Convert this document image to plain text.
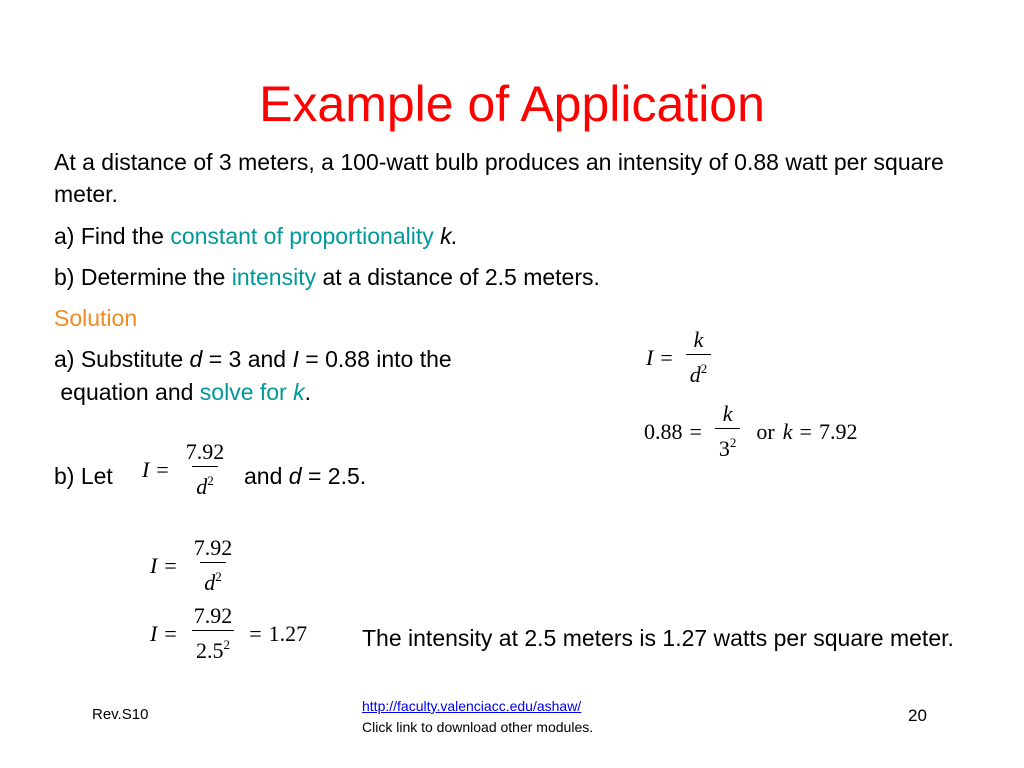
Example of Application
At a distance of 3 meters, a 100-watt bulb produces an intensity of 0.88 watt per square meter.
a) Find the constant of proportionality k.
b) Determine the intensity at a distance of 2.5 meters.
Solution
a) Substitute d = 3 and I = 0.88 into the
equation and solve for k.
b) Let	and d = 2.5.
$I = \frac{k}{d^2}$
$0.88 = \frac{k}{3^2}$ or k = 7.92
$I = \frac{7.92}{d^2}$
$I = \frac{7.92}{d^2}$
$I = \frac{7.92}{2.5^2} = 1.27$ The intensity at 2.5 meters is 1.27 watts per square meter.
http://faculty.valenciacc.edu/ashaw/
Click link to download other modules.
Rev.S10	20
